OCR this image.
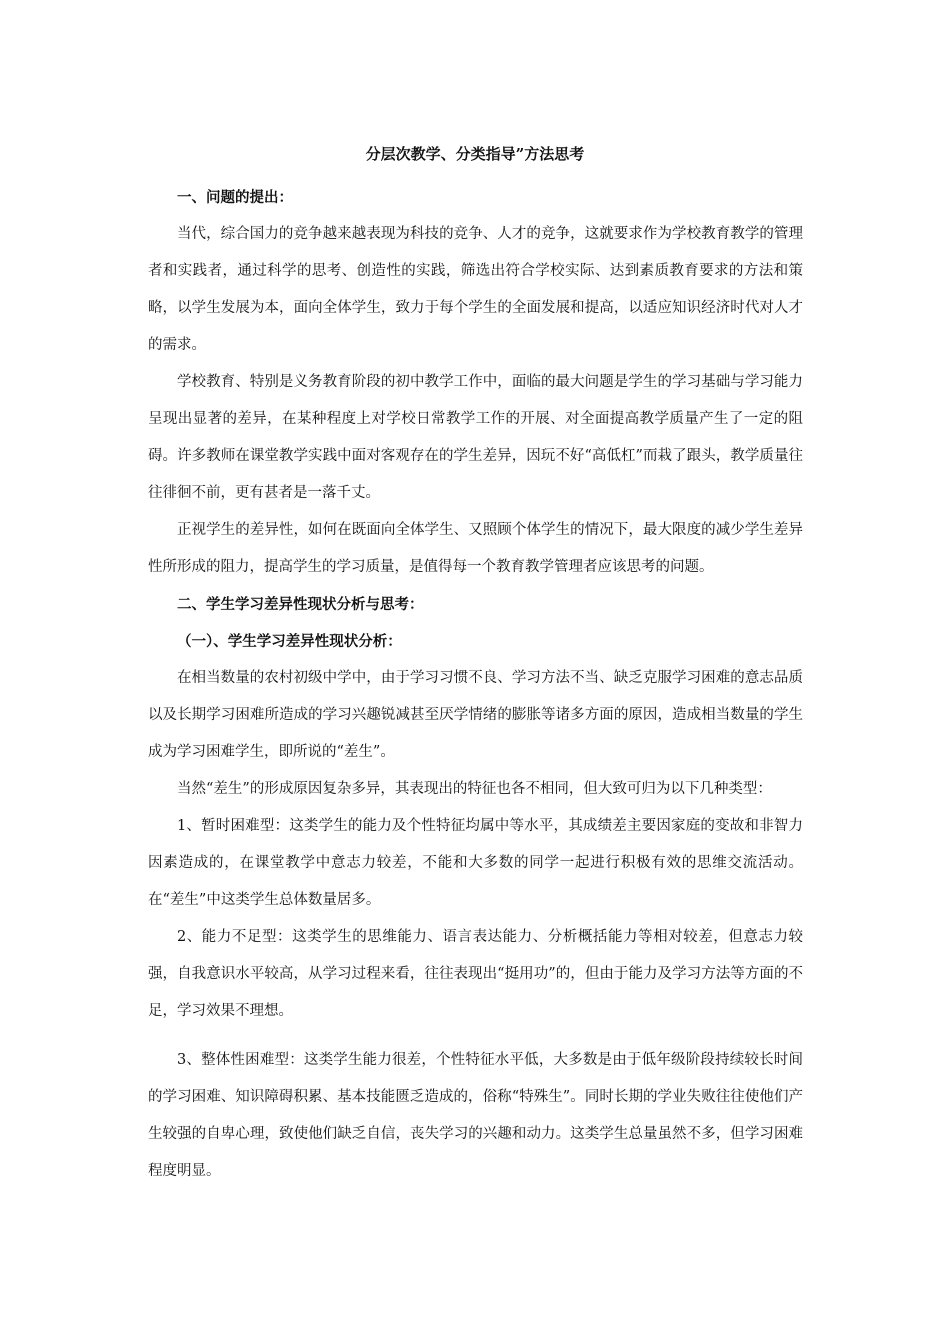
分层次教学、分类指导”方法思考

一、问题的提出：

当代，综合国力的竞争越来越表现为科技的竞争、人才的竞争，这就要求作为学校教育教学的管理者和实践者，通过科学的思考、创造性的实践，筛选出符合学校实际、达到素质教育要求的方法和策略，以学生发展为本，面向全体学生，致力于每个学生的全面发展和提高，以适应知识经济时代对人才的需求。

学校教育、特别是义务教育阶段的初中教学工作中，面临的最大问题是学生的学习基础与学习能力呈现出显著的差异，在某种程度上对学校日常教学工作的开展、对全面提高教学质量产生了一定的阻碍。许多教师在课堂教学实践中面对客观存在的学生差异，因玩不好“高低杠”而栽了跟头，教学质量往往徘徊不前，更有甚者是一落千丈。

正视学生的差异性，如何在既面向全体学生、又照顾个体学生的情况下，最大限度的减少学生差异性所形成的阻力，提高学生的学习质量，是值得每一个教育教学管理者应该思考的问题。

二、学生学习差异性现状分析与思考：

（一）、学生学习差异性现状分析：

在相当数量的农村初级中学中，由于学习习惯不良、学习方法不当、缺乏克服学习困难的意志品质以及长期学习困难所造成的学习兴趣锐减甚至厌学情绪的膨胀等诸多方面的原因，造成相当数量的学生成为学习困难学生，即所说的“差生”。

当然“差生”的形成原因复杂多异，其表现出的特征也各不相同，但大致可归为以下几种类型：

1、暂时困难型：这类学生的能力及个性特征均属中等水平，其成绩差主要因家庭的变故和非智力因素造成的，在课堂教学中意志力较差，不能和大多数的同学一起进行积极有效的思维交流活动。在“差生”中这类学生总体数量居多。

2、能力不足型：这类学生的思维能力、语言表达能力、分析概括能力等相对较差，但意志力较强，自我意识水平较高，从学习过程来看，往往表现出“挺用功”的，但由于能力及学习方法等方面的不足，学习效果不理想。

3、整体性困难型：这类学生能力很差，个性特征水平低，大多数是由于低年级阶段持续较长时间的学习困难、知识障碍积累、基本技能匮乏造成的，俗称“特殊生”。同时长期的学业失败往往使他们产生较强的自卑心理，致使他们缺乏自信，丧失学习的兴趣和动力。这类学生总量虽然不多，但学习困难程度明显。
